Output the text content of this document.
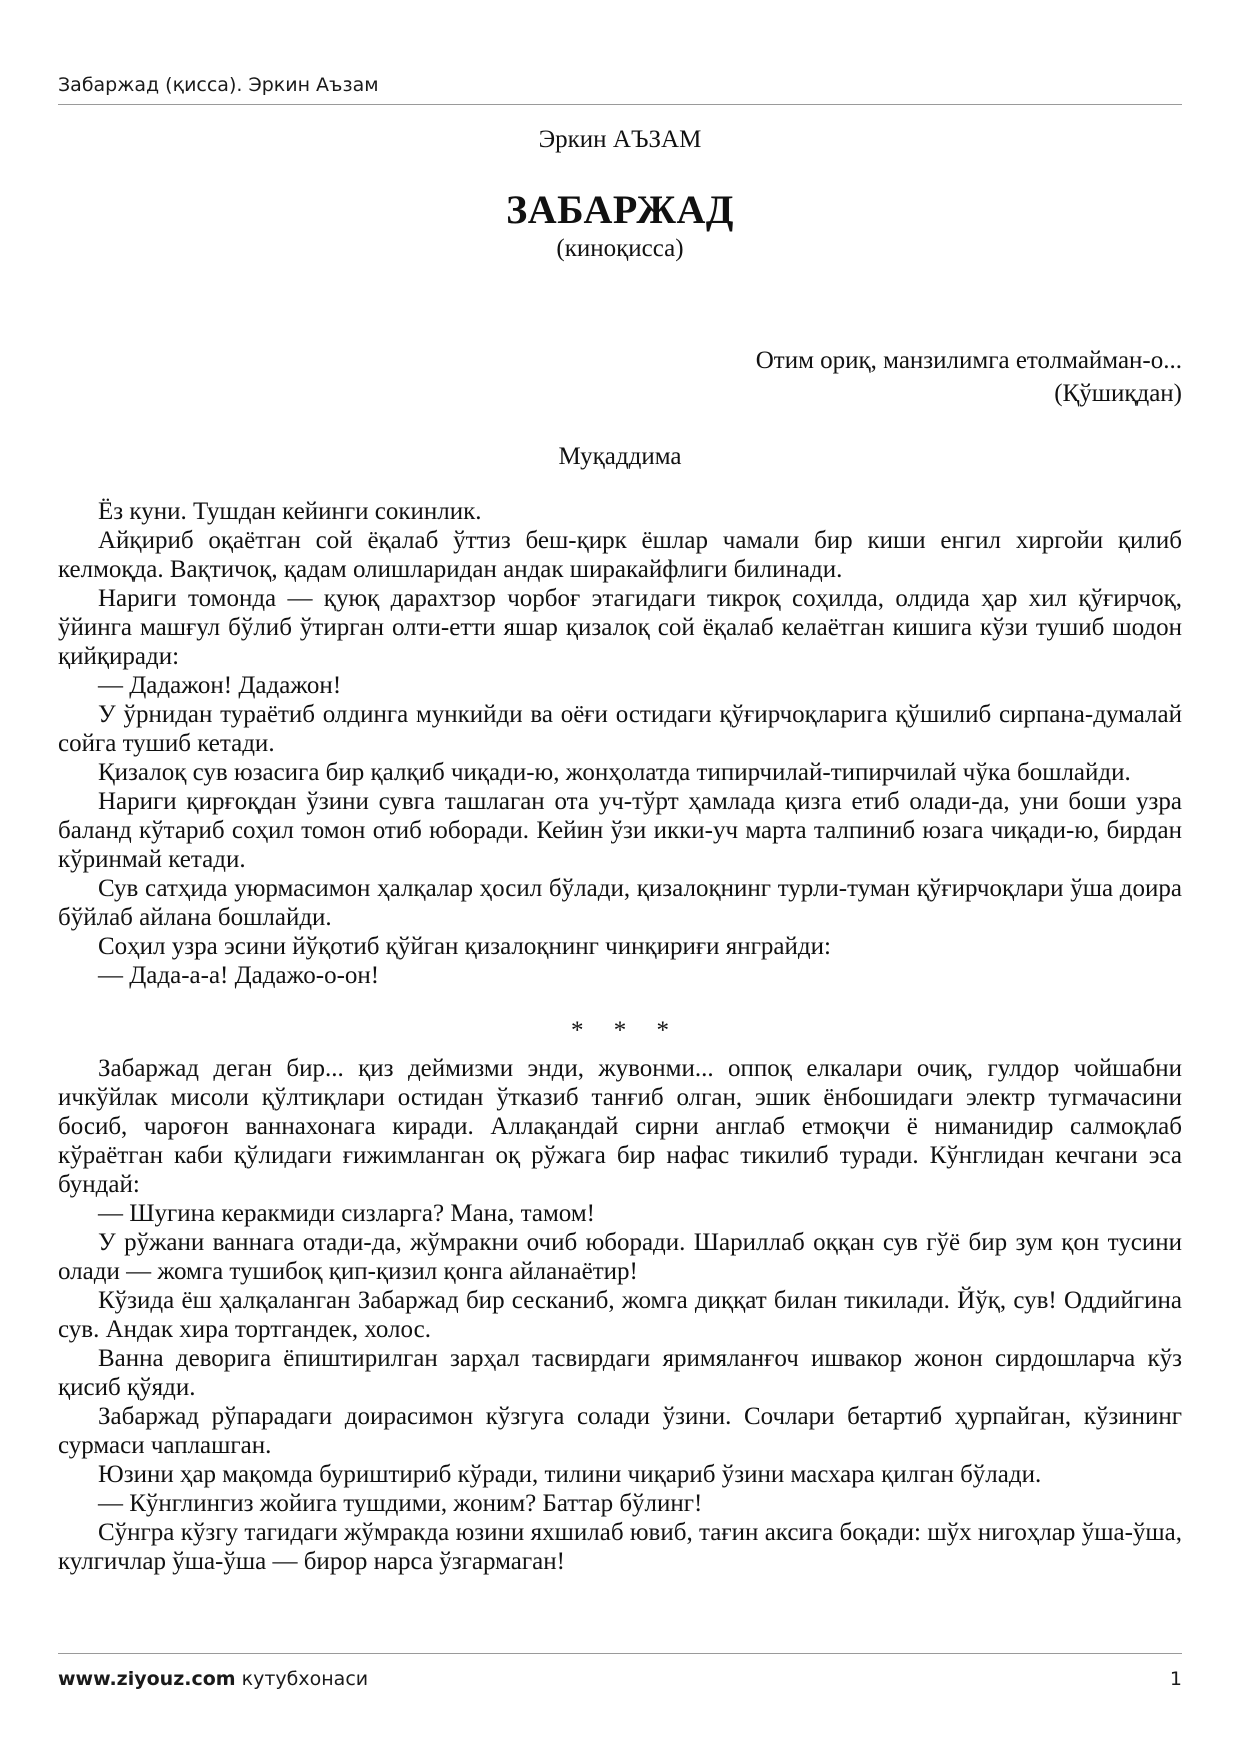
Забаржад (қисса). Эркин Аъзам
Эркин АЪЗАМ
ЗАБАРЖАД
(киноқисса)
Отим ориқ, манзилимга етолмайман-о...
(Қўшиқдан)
Муқаддима

Ёз куни. Тушдан кейинги сокинлик.

Айқириб оқаётган сой ёқалаб ўттиз беш-қирк ёшлар чамали бир киши енгил хиргойи қилиб келмоқда. Вақтичоқ, қадам олишларидан андак ширакайфлиги билинади.

Нариги томонда — қуюқ дарахтзор чорбоғ этагидаги тикроқ соҳилда, олдида ҳар хил қўғирчоқ, ўйинга машғул бўлиб ўтирган олти-етти яшар қизалоқ сой ёқалаб келаётган кишига кўзи тушиб шодон қийқиради:

— Дадажон! Дадажон!

У ўрнидан тураётиб олдинга мункийди ва оёғи остидаги қўғирчоқларига қўшилиб сирпана-думалай сойга тушиб кетади.

Қизалоқ сув юзасига бир қалқиб чиқади-ю, жонҳолатда типирчилай-типирчилай чўка бошлайди.

Нариги қирғоқдан ўзини сувга ташлаган ота уч-тўрт ҳамлада қизга етиб олади-да, уни боши узра баланд кўтариб соҳил томон отиб юборади. Кейин ўзи икки-уч марта талпиниб юзага чиқади-ю, бирдан кўринмай кетади.

Сув сатҳида уюрмасимон ҳалқалар ҳосил бўлади, қизалоқнинг турли-туман қўғирчоқлари ўша доира бўйлаб айлана бошлайди.

Соҳил узра эсини йўқотиб қўйган қизалоқнинг чинқириғи янграйди:

— Дада-а-а! Дадажо-о-он!

* * *

Забаржад деган бир... қиз деймизми энди, жувонми... оппоқ елкалари очиқ, гулдор чойшабни ичкўйлак мисоли қўлтиқлари остидан ўтказиб танғиб олган, эшик ёнбошидаги электр тугмачасини босиб, чароғон ваннахонага киради. Аллақандай сирни англаб етмоқчи ё ниманидир салмоқлаб кўраётган каби қўлидаги ғижимланган оқ рўжага бир нафас тикилиб туради. Кўнглидан кечгани эса бундай:

— Шугина керакмиди сизларга? Мана, тамом!

У рўжани ваннага отади-да, жўмракни очиб юборади. Шариллаб оққан сув гўё бир зум қон тусини олади — жомга тушибоқ қип-қизил қонга айланаётир!

Кўзида ёш ҳалқаланган Забаржад бир сесканиб, жомга диққат билан тикилади. Йўқ, сув! Оддийгина сув. Андак хира тортгандек, холос.

Ванна деворига ёпиштирилган зарҳал тасвирдаги яримяланғоч ишвакор жонон сирдошларча кўз қисиб қўяди.

Забаржад рўпарадаги доирасимон кўзгуга солади ўзини. Сочлари бетартиб ҳурпайган, кўзининг сурмаси чаплашган.

Юзини ҳар мақомда буриштириб кўради, тилини чиқариб ўзини масхара қилган бўлади.

— Кўнглингиз жойига тушдими, жоним? Баттар бўлинг!

Сўнгра кўзгу тагидаги жўмракда юзини яхшилаб ювиб, тағин аксига боқади: шўх нигоҳлар ўша-ўша, кулгичлар ўша-ўша — бирор нарса ўзгармаган!

www.ziyouz.com кутубхонаси	1
